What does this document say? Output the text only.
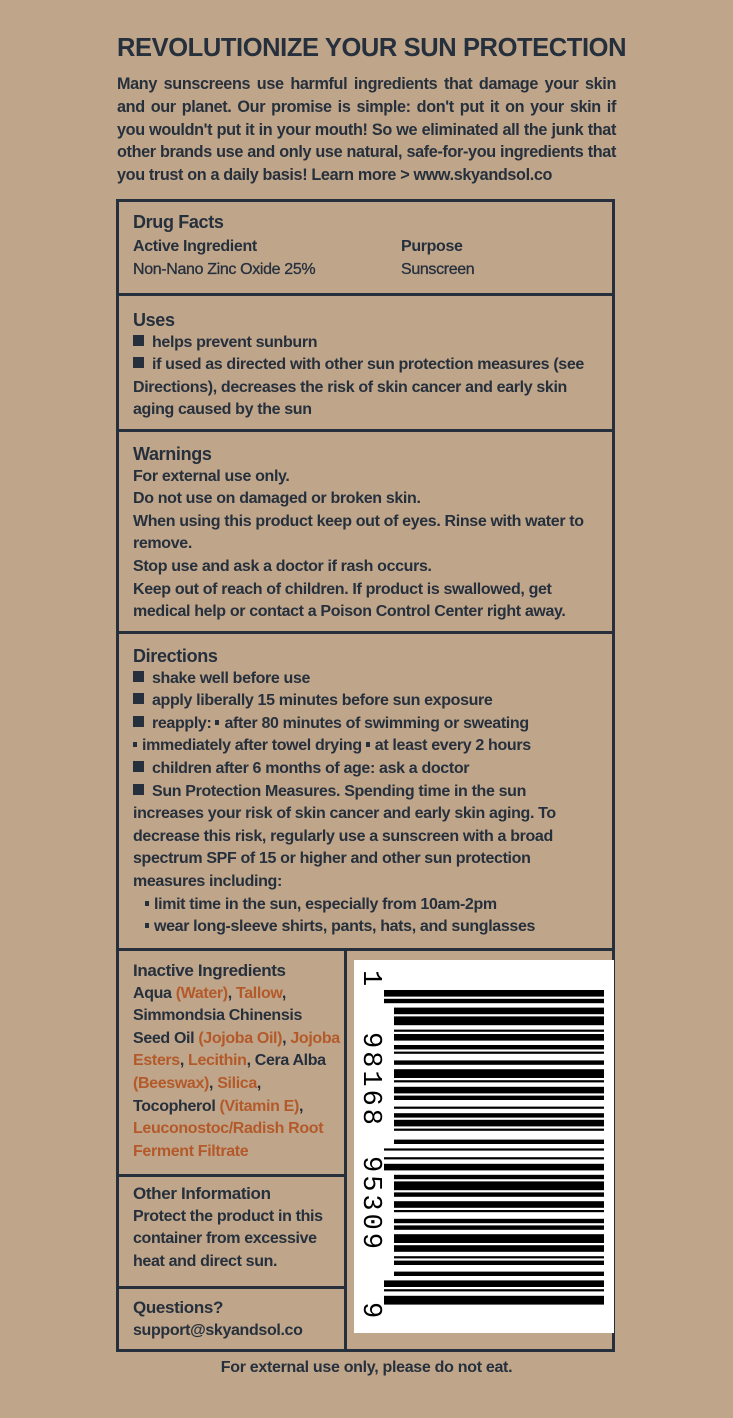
REVOLUTIONIZE YOUR SUN PROTECTION
Many sunscreens use harmful ingredients that damage your skin and our planet. Our promise is simple: don't put it on your skin if you wouldn't put it in your mouth! So we eliminated all the junk that other brands use and only use natural, safe-for-you ingredients that you trust on a daily basis! Learn more > www.skyandsol.co
Drug Facts
Active Ingredient	Purpose
Non-Nano Zinc Oxide 25%	Sunscreen
Uses
helps prevent sunburn
if used as directed with other sun protection measures (see Directions), decreases the risk of skin cancer and early skin aging caused by the sun
Warnings
For external use only.
Do not use on damaged or broken skin.
When using this product keep out of eyes. Rinse with water to remove.
Stop use and ask a doctor if rash occurs.
Keep out of reach of children. If product is swallowed, get medical help or contact a Poison Control Center right away.
Directions
shake well before use
apply liberally 15 minutes before sun exposure
reapply: after 80 minutes of swimming or sweating
immediately after towel drying at least every 2 hours
children after 6 months of age: ask a doctor
Sun Protection Measures. Spending time in the sun increases your risk of skin cancer and early skin aging. To decrease this risk, regularly use a sunscreen with a broad spectrum SPF of 15 or higher and other sun protection measures including:
limit time in the sun, especially from 10am-2pm
wear long-sleeve shirts, pants, hats, and sunglasses
Inactive Ingredients
Aqua (Water), Tallow, Simmondsia Chinensis Seed Oil (Jojoba Oil), Jojoba Esters, Lecithin, Cera Alba (Beeswax), Silica, Tocopherol (Vitamin E), Leuconostoc/Radish Root Ferment Filtrate
Other Information
Protect the product in this container from excessive heat and direct sun.
Questions?
support@skyandsol.co
1
98168
95309
9
For external use only, please do not eat.
